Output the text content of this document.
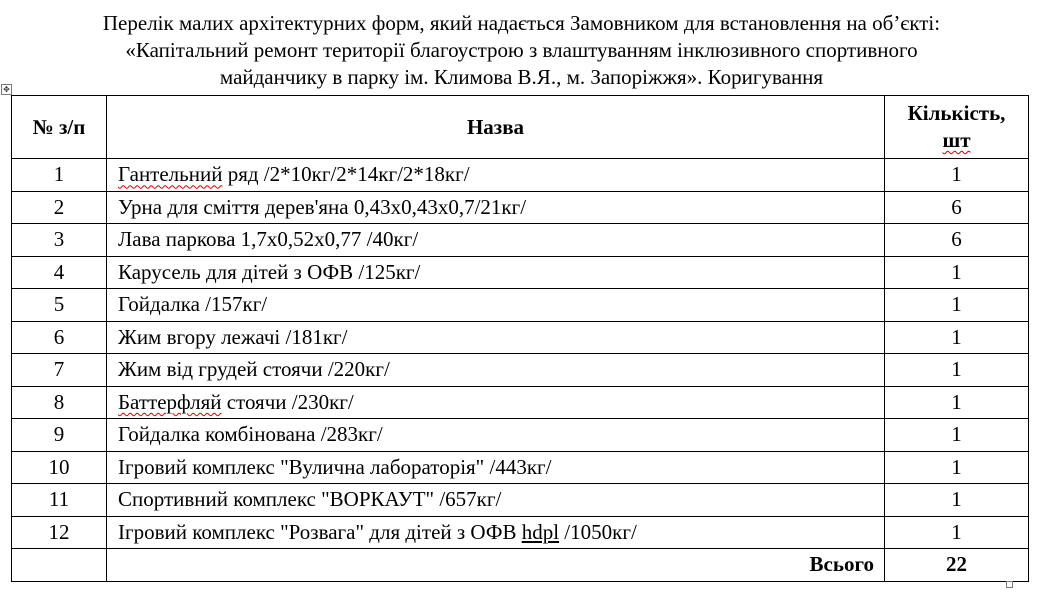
Перелік малих архітектурних форм, який надається Замовником для встановлення на об’єкті:
«Капітальний ремонт території благоустрою з влаштуванням інклюзивного спортивного
майданчику в парку ім. Климова В.Я., м. Запоріжжя». Коригування
✥
№ з/п	Назва	Кількість,
шт
1	Гантельний ряд /2*10кг/2*14кг/2*18кг/	1
2	Урна для сміття дерев'яна 0,43х0,43х0,7/21кг/	6
3	Лава паркова 1,7х0,52х0,77 /40кг/	6
4	Карусель для дітей з ОФВ /125кг/	1
5	Гойдалка /157кг/	1
6	Жим вгору лежачі /181кг/	1
7	Жим від грудей стоячи /220кг/	1
8	Баттерфляй стоячи /230кг/	1
9	Гойдалка комбінована /283кг/	1
10	Ігровий комплекс "Вулична лабораторія" /443кг/	1
11	Спортивний комплекс "ВОРКАУТ" /657кг/	1
12	Ігровий комплекс "Розвага" для дітей з ОФВ hdpl /1050кг/	1
	Всього	22
